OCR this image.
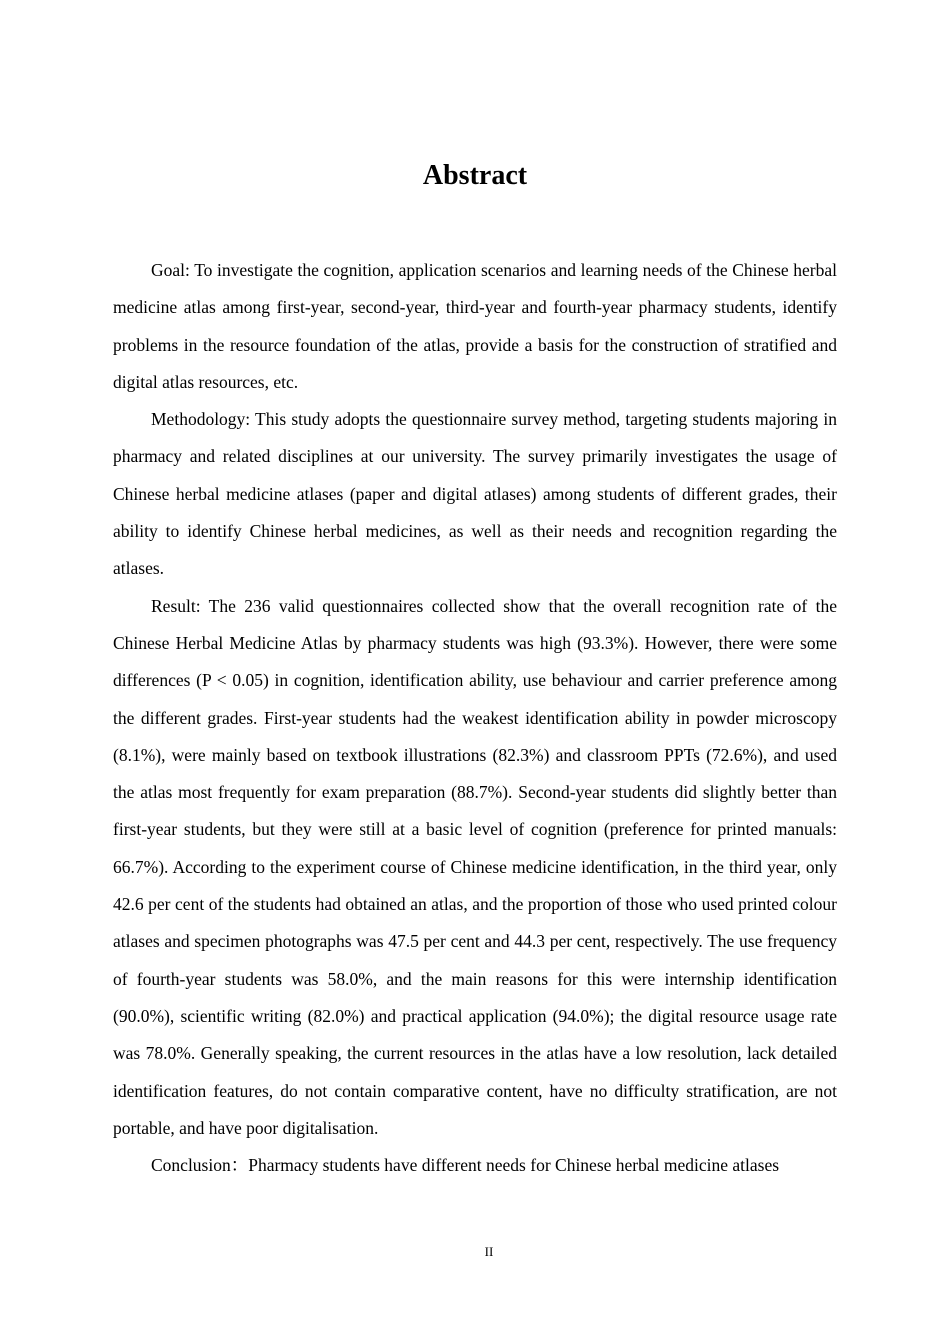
Abstract

Goal: To investigate the cognition, application scenarios and learning needs of the Chinese herbal medicine atlas among first-year, second-year, third-year and fourth-year pharmacy students, identify problems in the resource foundation of the atlas, provide a basis for the construction of stratified and digital atlas resources, etc.

Methodology: This study adopts the questionnaire survey method, targeting students majoring in pharmacy and related disciplines at our university. The survey primarily investigates the usage of Chinese herbal medicine atlases (paper and digital atlases) among students of different grades, their ability to identify Chinese herbal medicines, as well as their needs and recognition regarding the atlases.

Result: The 236 valid questionnaires collected show that the overall recognition rate of the Chinese Herbal Medicine Atlas by pharmacy students was high (93.3%). However, there were some differences (P < 0.05) in cognition, identification ability, use behaviour and carrier preference among the different grades. First-year students had the weakest identification ability in powder microscopy (8.1%), were mainly based on textbook illustrations (82.3%) and classroom PPTs (72.6%), and used the atlas most frequently for exam preparation (88.7%). Second-year students did slightly better than first-year students, but they were still at a basic level of cognition (preference for printed manuals: 66.7%). According to the experiment course of Chinese medicine identification, in the third year, only 42.6 per cent of the students had obtained an atlas, and the proportion of those who used printed colour atlases and specimen photographs was 47.5 per cent and 44.3 per cent, respectively. The use frequency of fourth-year students was 58.0%, and the main reasons for this were internship identification (90.0%), scientific writing (82.0%) and practical application (94.0%); the digital resource usage rate was 78.0%. Generally speaking, the current resources in the atlas have a low resolution, lack detailed identification features, do not contain comparative content, have no difficulty stratification, are not portable, and have poor digitalisation.

Conclusion：Pharmacy students have different needs for Chinese herbal medicine atlases

II
